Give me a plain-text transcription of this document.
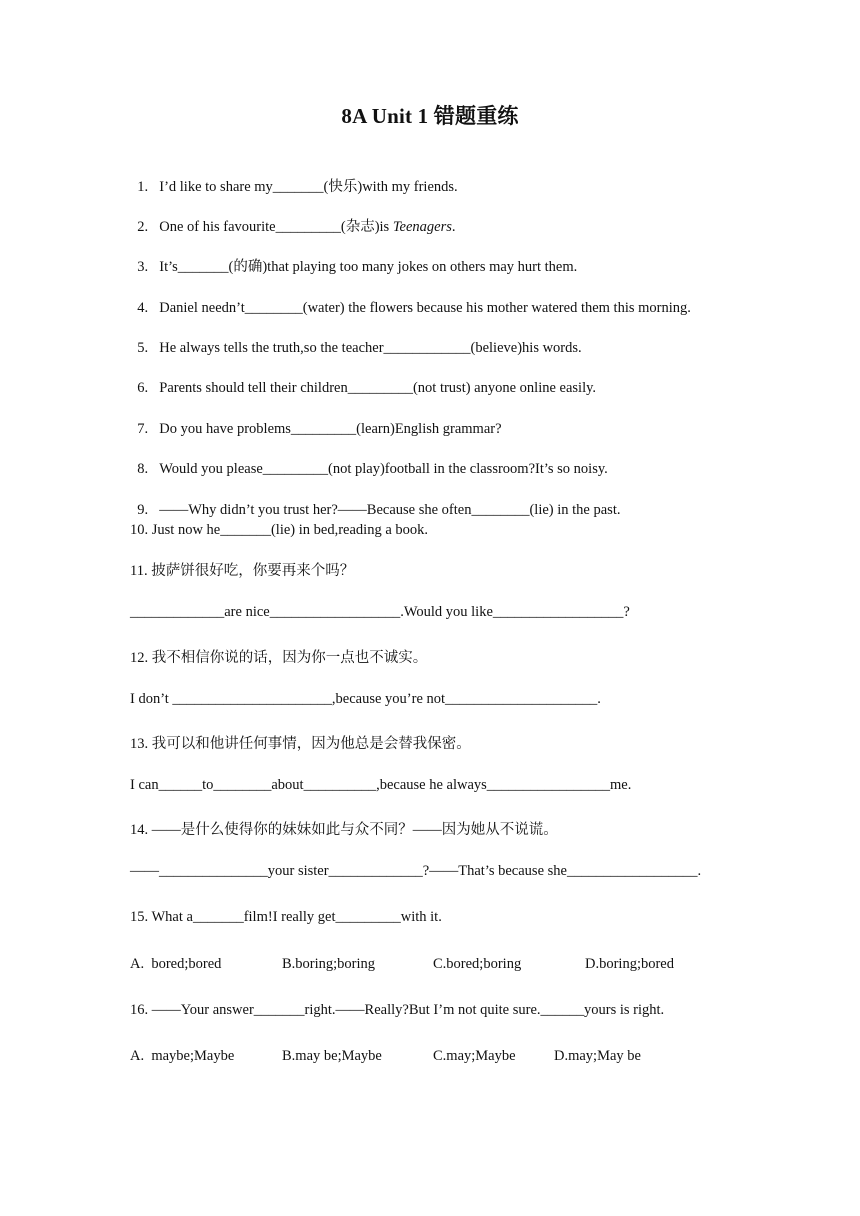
8A Unit 1 错题重练

1. I’d like to share my_______(快乐)with my friends.

2. One of his favourite_________(杂志)is Teenagers.

3. It’s_______(的确)that playing too many jokes on others may hurt them.

4. Daniel needn’t________(water) the flowers because his mother watered them this morning.

5. He always tells the truth,so the teacher____________(believe)his words.

6. Parents should tell their children_________(not trust) anyone online easily.

7. Do you have problems_________(learn)English grammar?

8. Would you please_________(not play)football in the classroom?It’s so noisy.

9. ——Why didn’t you trust her?——Because she often________(lie) in the past.

10. Just now he_______(lie) in bed,reading a book.
11. 披萨饼很好吃，你要再来个吗？
_____________are nice__________________.Would you like__________________?
12. 我不相信你说的话，因为你一点也不诚实。
I don’t ______________________,because you’re not_____________________.
13. 我可以和他讲任何事情，因为他总是会替我保密。
I can______to________about__________,because he always_________________me.
14. ——是什么使得你的妹妹如此与众不同？——因为她从不说谎。
——_______________your sister_____________?——That’s because she__________________.
15. What a_______film!I really get_________with it.
A.  bored;bored	B.boring;boring	C.bored;boring	D.boring;bored
16. ——Your answer_______right.——Really?But I’m not quite sure.______yours is right.
A.  maybe;Maybe	B.may be;Maybe	C.may;Maybe	D.may;May be
